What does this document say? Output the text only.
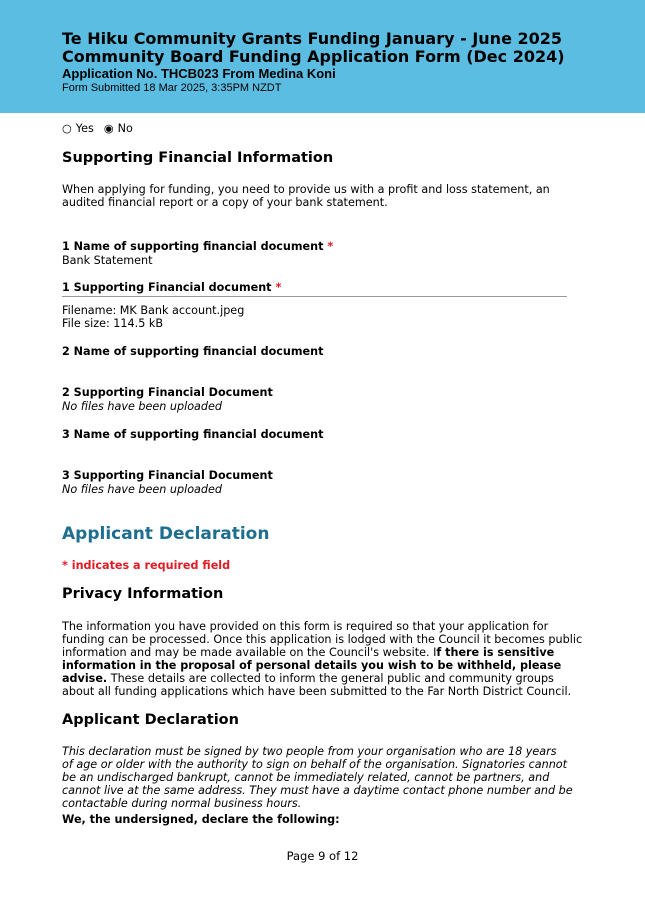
Te Hiku Community Grants Funding January - June 2025
Community Board Funding Application Form (Dec 2024)
Application No. THCB023 From Medina Koni
Form Submitted 18 Mar 2025, 3:35PM NZDT
○ Yes ◉ No
Supporting Financial Information
When applying for funding, you need to provide us with a profit and loss statement, an
audited financial report or a copy of your bank statement.
1 Name of supporting financial document *
Bank Statement
1 Supporting Financial document *
Filename: MK Bank account.jpeg
File size: 114.5 kB
2 Name of supporting financial document
2 Supporting Financial Document
No files have been uploaded
3 Name of supporting financial document
3 Supporting Financial Document
No files have been uploaded
Applicant Declaration
* indicates a required field
Privacy Information
The information you have provided on this form is required so that your application for
funding can be processed. Once this application is lodged with the Council it becomes public
information and may be made available on the Council's website. If there is sensitive
information in the proposal of personal details you wish to be withheld, please
advise. These details are collected to inform the general public and community groups
about all funding applications which have been submitted to the Far North District Council.
Applicant Declaration
This declaration must be signed by two people from your organisation who are 18 years
of age or older with the authority to sign on behalf of the organisation. Signatories cannot
be an undischarged bankrupt, cannot be immediately related, cannot be partners, and
cannot live at the same address. They must have a daytime contact phone number and be
contactable during normal business hours.
We, the undersigned, declare the following:
Page 9 of 12
